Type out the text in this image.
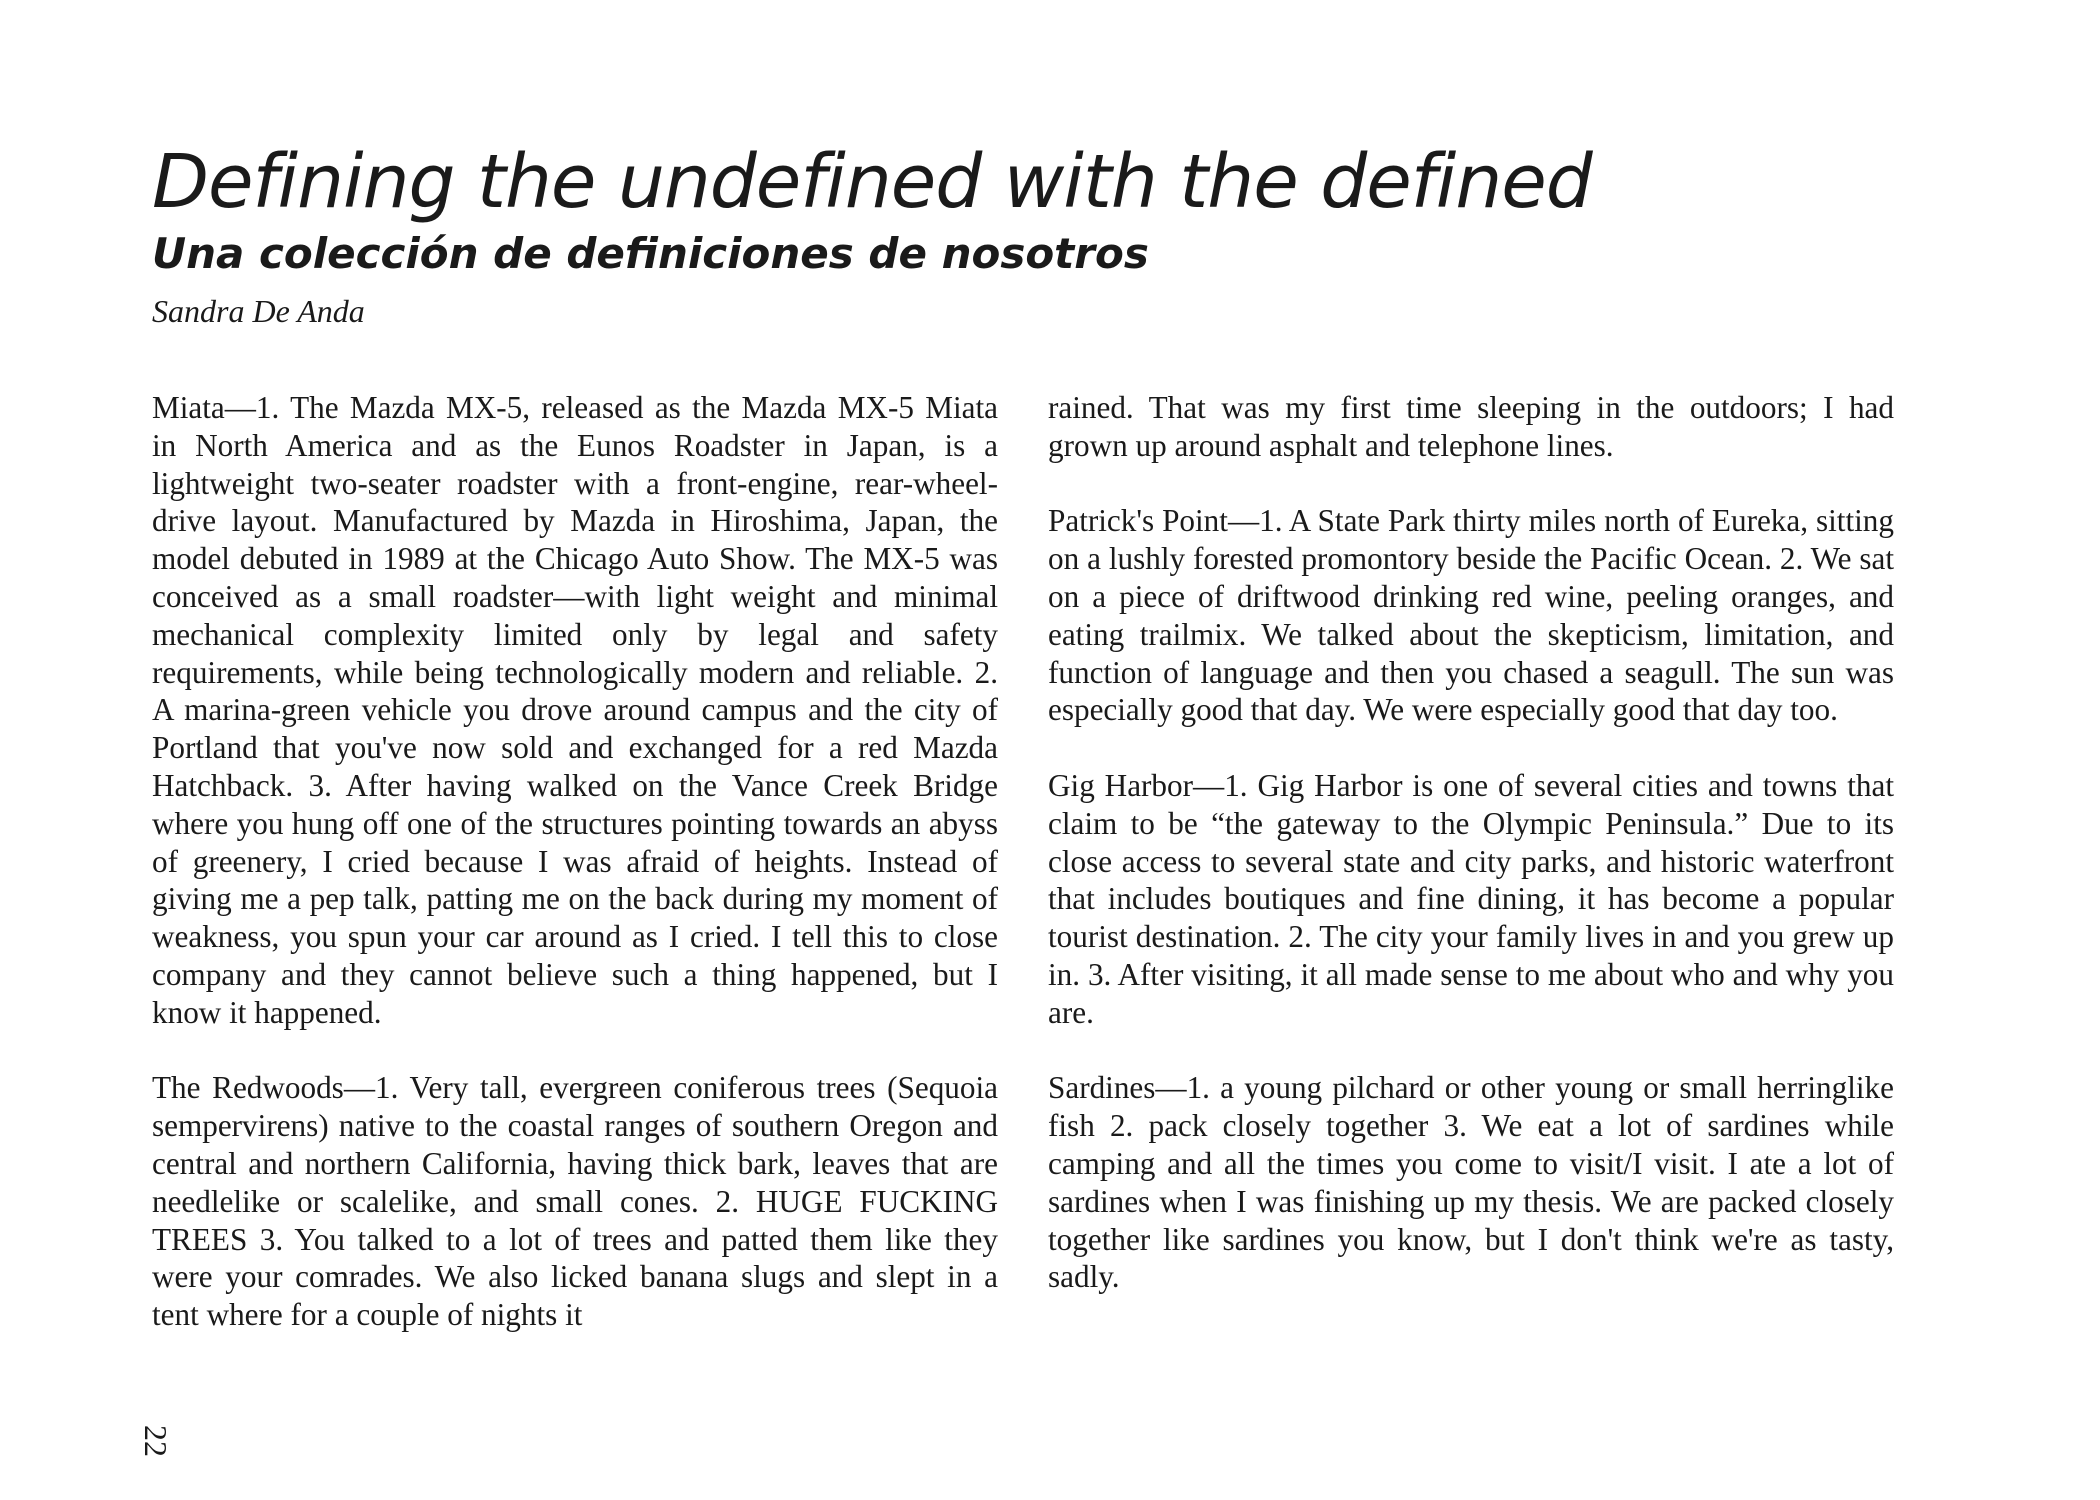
Defining the undefined with the defined
Una colección de definiciones de nosotros
Sandra De Anda

Miata—1. The Mazda MX-5, released as the Mazda MX-5 Miata in North America and as the Eunos Roadster in Japan, is a lightweight two-seater roadster with a front-engine, rear-wheel-drive layout. Manufactured by Mazda in Hiroshima, Japan, the model debuted in 1989 at the Chicago Auto Show. The MX-5 was conceived as a small roadster—with light weight and minimal mechanical complexity limited only by legal and safety requirements, while being technologically modern and reliable. 2. A marina-green vehicle you drove around campus and the city of Portland that you've now sold and exchanged for a red Mazda Hatchback. 3. After having walked on the Vance Creek Bridge where you hung off one of the structures pointing towards an abyss of greenery, I cried because I was afraid of heights. Instead of giving me a pep talk, patting me on the back during my moment of weakness, you spun your car around as I cried. I tell this to close company and they cannot believe such a thing happened, but I know it happened.

The Redwoods—1. Very tall, evergreen coniferous trees (Sequoia sempervirens) native to the coastal ranges of southern Oregon and central and northern California, having thick bark, leaves that are needlelike or scalelike, and small cones. 2. HUGE FUCKING TREES 3. You talked to a lot of trees and patted them like they were your comrades. We also licked banana slugs and slept in a tent where for a couple of nights it

rained. That was my first time sleeping in the outdoors; I had grown up around asphalt and telephone lines.

Patrick's Point—1. A State Park thirty miles north of Eureka, sitting on a lushly forested promontory beside the Pacific Ocean. 2. We sat on a piece of driftwood drinking red wine, peeling oranges, and eating trailmix. We talked about the skepticism, limitation, and function of language and then you chased a seagull. The sun was especially good that day. We were especially good that day too.

Gig Harbor—1. Gig Harbor is one of several cities and towns that claim to be “the gateway to the Olympic Peninsula.” Due to its close access to several state and city parks, and historic waterfront that includes boutiques and fine dining, it has become a popular tourist destination. 2. The city your family lives in and you grew up in. 3. After visiting, it all made sense to me about who and why you are.

Sardines—1. a young pilchard or other young or small herringlike fish 2. pack closely together 3. We eat a lot of sardines while camping and all the times you come to visit/I visit. I ate a lot of sardines when I was finishing up my thesis. We are packed closely together like sardines you know, but I don't think we're as tasty, sadly.

22
